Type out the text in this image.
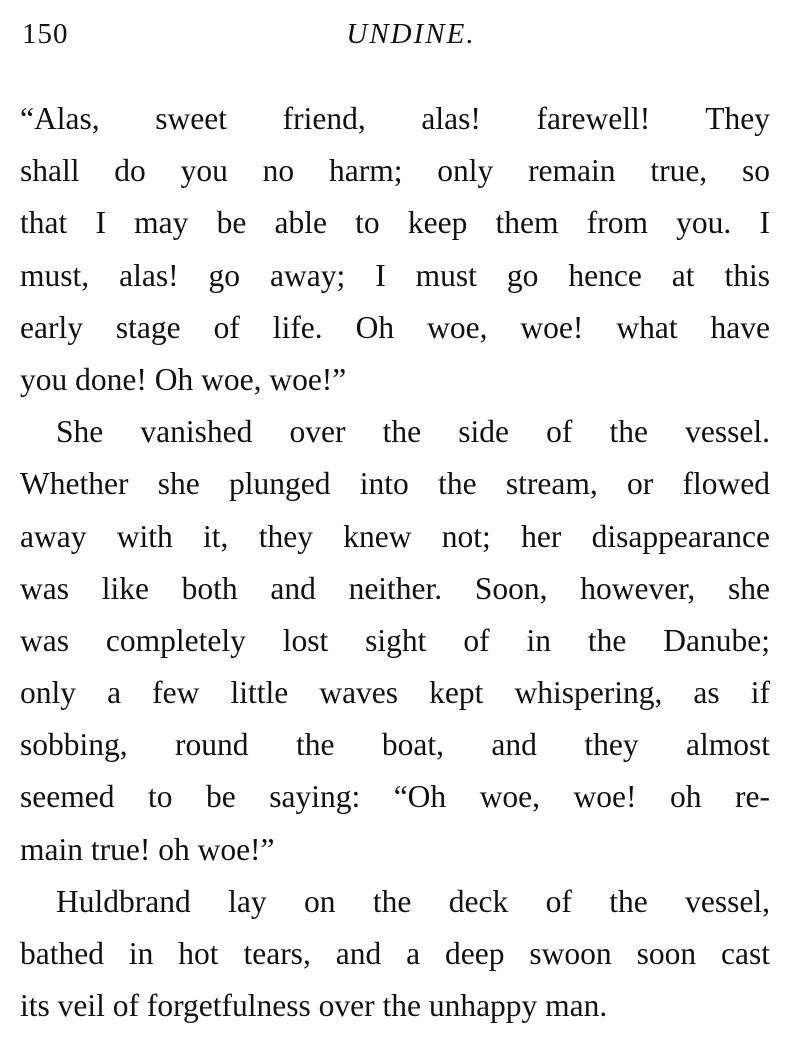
150	UNDINE.
“Alas, sweet friend, alas! farewell! They
shall do you no harm; only remain true, so
that I may be able to keep them from you. I
must, alas! go away; I must go hence at this
early stage of life. Oh woe, woe! what have
you done! Oh woe, woe!”
She vanished over the side of the vessel.
Whether she plunged into the stream, or flowed
away with it, they knew not; her disappearance
was like both and neither. Soon, however, she
was completely lost sight of in the Danube;
only a few little waves kept whispering, as if
sobbing, round the boat, and they almost
seemed to be saying: “Oh woe, woe! oh re-
main true! oh woe!”
Huldbrand lay on the deck of the vessel,
bathed in hot tears, and a deep swoon soon cast
its veil of forgetfulness over the unhappy man.
